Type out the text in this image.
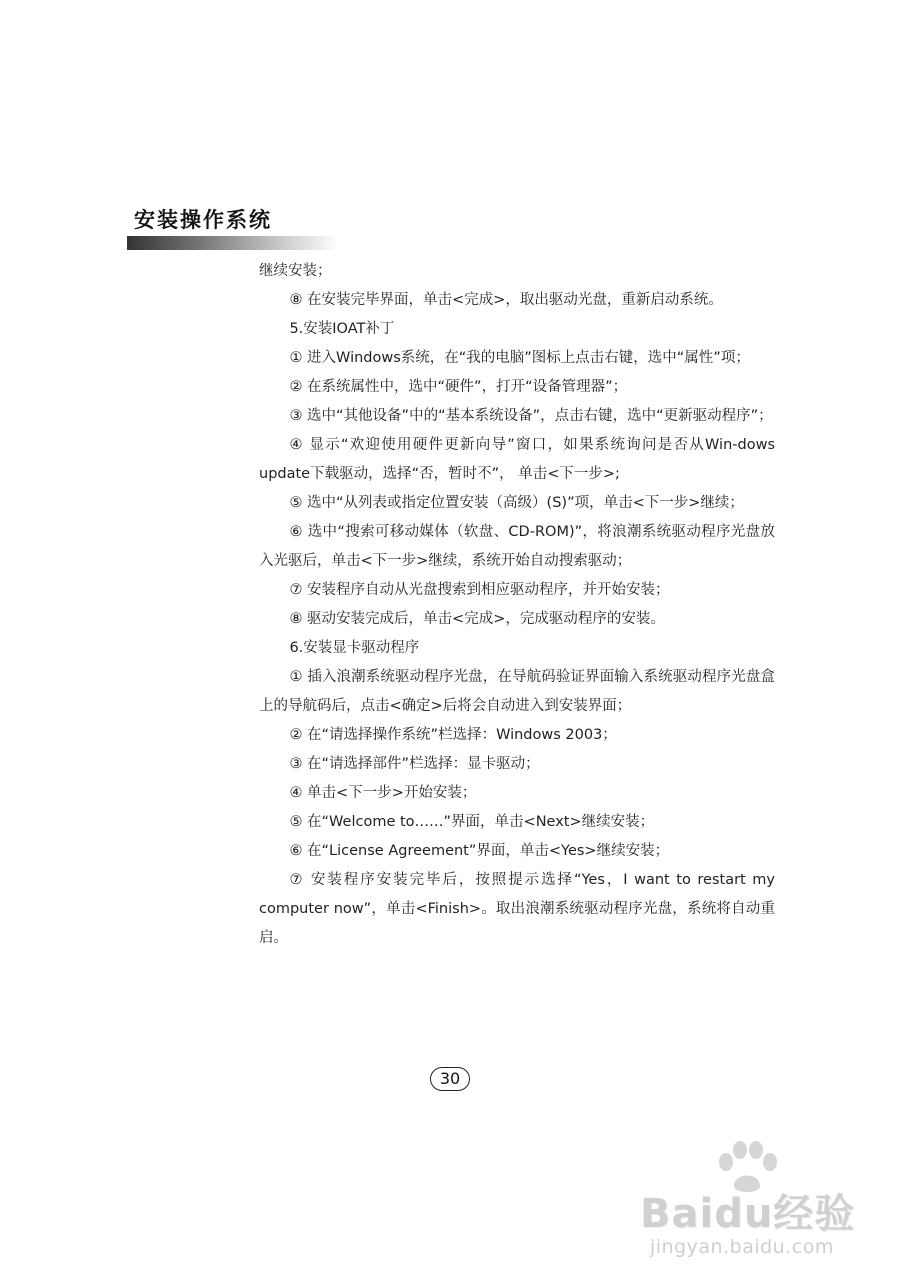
安装操作系统

继续安装；

⑧ 在安装完毕界面，单击<完成>，取出驱动光盘，重新启动系统。

5.安装IOAT补丁

① 进入Windows系统，在“我的电脑”图标上点击右键，选中“属性”项；

② 在系统属性中，选中“硬件”，打开“设备管理器”；

③ 选中“其他设备”中的“基本系统设备”，点击右键，选中“更新驱动程序”；

④ 显示“欢迎使用硬件更新向导”窗口，如果系统询问是否从Win-dows update下载驱动，选择“否，暂时不”， 单击<下一步>;

⑤ 选中“从列表或指定位置安装（高级）(S)”项，单击<下一步>继续；

⑥ 选中“搜索可移动媒体（软盘、CD-ROM)”，将浪潮系统驱动程序光盘放入光驱后，单击<下一步>继续，系统开始自动搜索驱动；

⑦ 安装程序自动从光盘搜索到相应驱动程序，并开始安装；

⑧ 驱动安装完成后，单击<完成>，完成驱动程序的安装。

6.安装显卡驱动程序

① 插入浪潮系统驱动程序光盘，在导航码验证界面输入系统驱动程序光盘盒上的导航码后，点击<确定>后将会自动进入到安装界面；

② 在“请选择操作系统”栏选择：Windows 2003；

③ 在“请选择部件”栏选择：显卡驱动；

④ 单击<下一步>开始安装；

⑤ 在“Welcome to……”界面，单击<Next>继续安装；

⑥ 在“License Agreement”界面，单击<Yes>继续安装；

⑦ 安装程序安装完毕后，按照提示选择“Yes，I want to restart my computer now”，单击<Finish>。取出浪潮系统驱动程序光盘，系统将自动重启。

30
Baidu经验
jingyan.baidu.com
